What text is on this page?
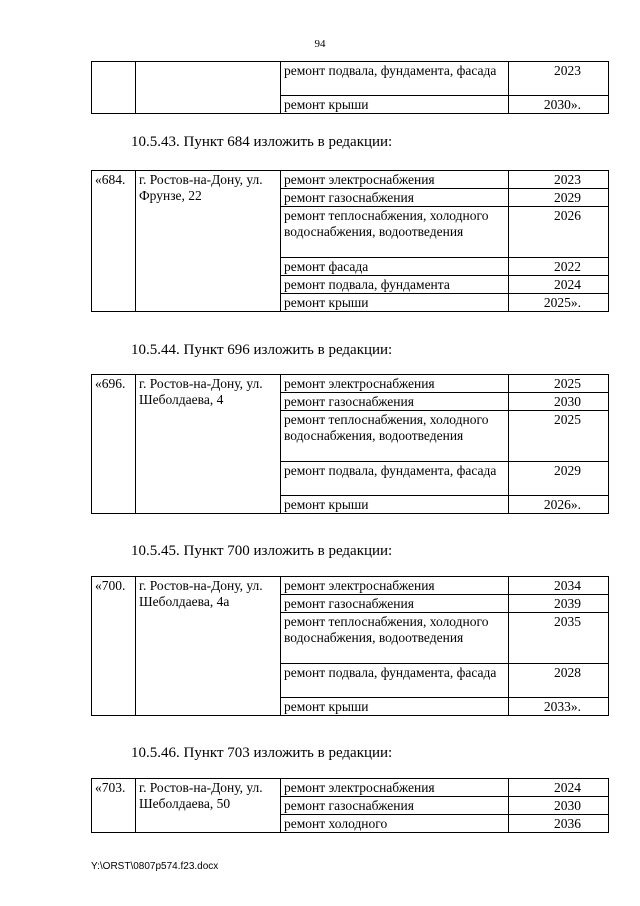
94
		ремонт подвала, фундамента, фасада	2023
		ремонт крыши	2030».
10.5.43. Пункт 684 изложить в редакции:
«684.	г. Ростов-на-Дону, ул. Фрунзе, 22	ремонт электроснабжения	2023
		ремонт газоснабжения	2029
		ремонт теплоснабжения, холодного водоснабжения, водоотведения	2026
		ремонт фасада	2022
		ремонт подвала, фундамента	2024
		ремонт крыши	2025».
10.5.44. Пункт 696 изложить в редакции:
«696.	г. Ростов-на-Дону, ул. Шеболдаева, 4	ремонт электроснабжения	2025
		ремонт газоснабжения	2030
		ремонт теплоснабжения, холодного водоснабжения, водоотведения	2025
		ремонт подвала, фундамента, фасада	2029
		ремонт крыши	2026».
10.5.45. Пункт 700 изложить в редакции:
«700.	г. Ростов-на-Дону, ул. Шеболдаева, 4а	ремонт электроснабжения	2034
		ремонт газоснабжения	2039
		ремонт теплоснабжения, холодного водоснабжения, водоотведения	2035
		ремонт подвала, фундамента, фасада	2028
		ремонт крыши	2033».
10.5.46. Пункт 703 изложить в редакции:
«703.	г. Ростов-на-Дону, ул. Шеболдаева, 50	ремонт электроснабжения	2024
		ремонт газоснабжения	2030
		ремонт холодного	2036
Y:\ORST\0807p574.f23.docx
